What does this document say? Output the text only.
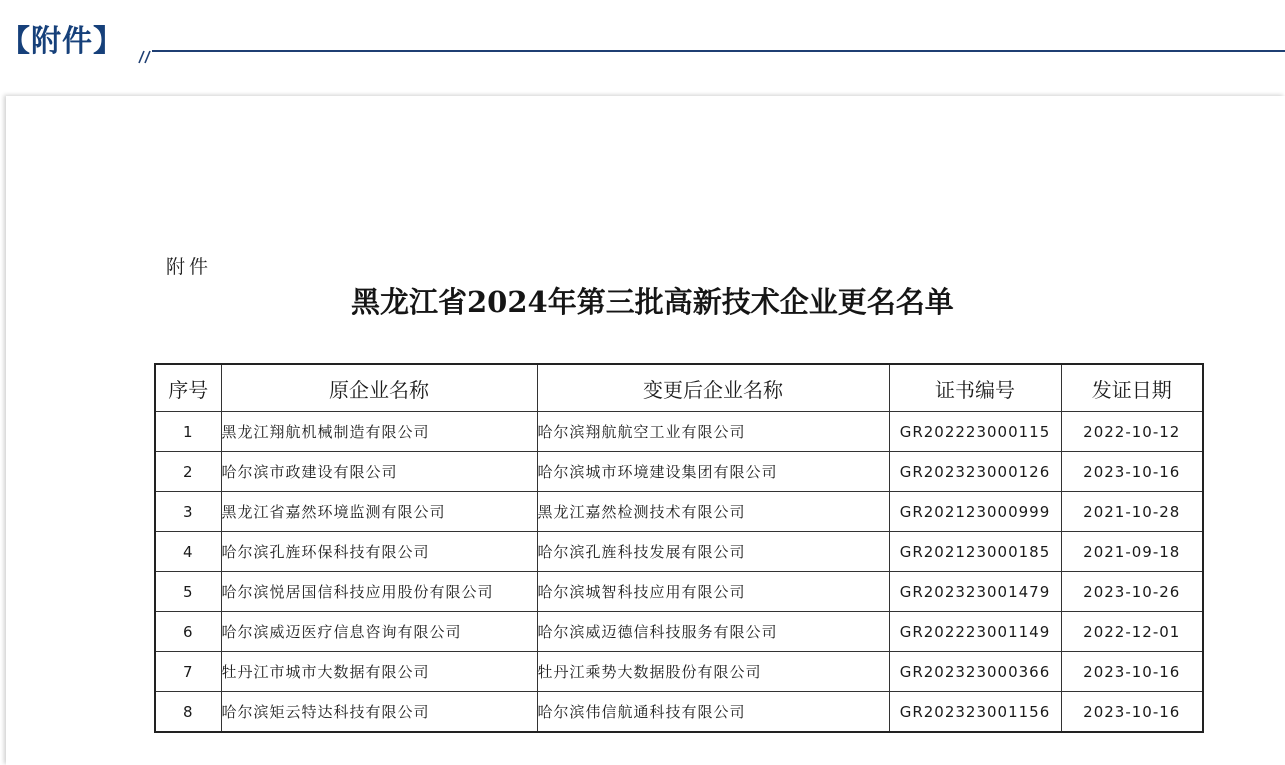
【附件】
附件
黑龙江省2024年第三批高新技术企业更名名单
序号	原企业名称	变更后企业名称	证书编号	发证日期
1	黑龙江翔航机械制造有限公司	哈尔滨翔航航空工业有限公司	GR202223000115	2022-10-12
2	哈尔滨市政建设有限公司	哈尔滨城市环境建设集团有限公司	GR202323000126	2023-10-16
3	黑龙江省嘉然环境监测有限公司	黑龙江嘉然检测技术有限公司	GR202123000999	2021-10-28
4	哈尔滨孔旌环保科技有限公司	哈尔滨孔旌科技发展有限公司	GR202123000185	2021-09-18
5	哈尔滨悦居国信科技应用股份有限公司	哈尔滨城智科技应用有限公司	GR202323001479	2023-10-26
6	哈尔滨威迈医疗信息咨询有限公司	哈尔滨威迈德信科技服务有限公司	GR202223001149	2022-12-01
7	牡丹江市城市大数据有限公司	牡丹江乘势大数据股份有限公司	GR202323000366	2023-10-16
8	哈尔滨矩云特达科技有限公司	哈尔滨伟信航通科技有限公司	GR202323001156	2023-10-16
